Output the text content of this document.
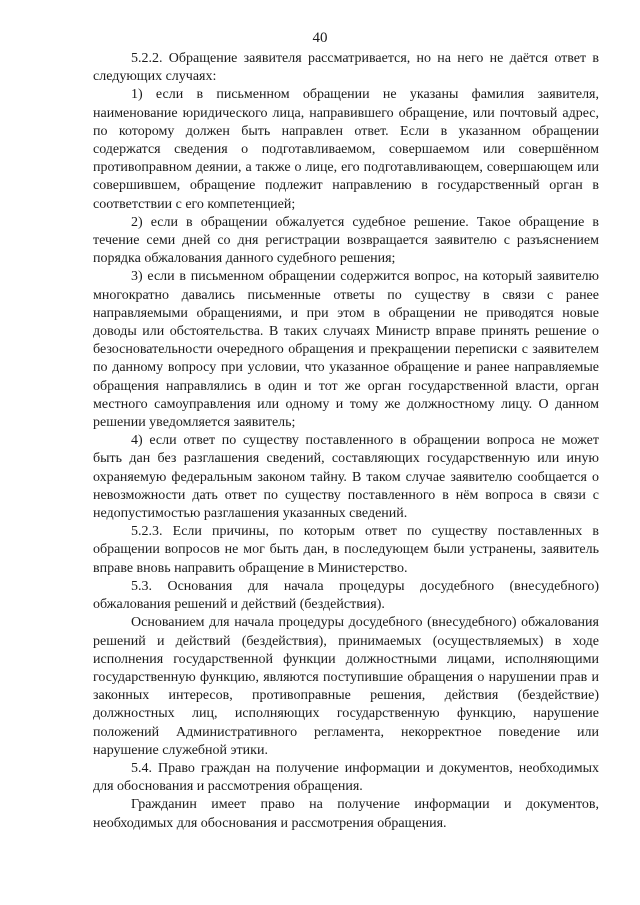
40

5.2.2. Обращение заявителя рассматривается, но на него не даётся ответ в следующих случаях:

1) если в письменном обращении не указаны фамилия заявителя, наименование юридического лица, направившего обращение, или почтовый адрес, по которому должен быть направлен ответ. Если в указанном обращении содержатся сведения о подготавливаемом, совершаемом или совершённом противоправном деянии, а также о лице, его подготавливающем, совершающем или совершившем, обращение подлежит направлению в государственный орган в соответствии с его компетенцией;

2) если в обращении обжалуется судебное решение. Такое обращение в течение семи дней со дня регистрации возвращается заявителю с разъяснением порядка обжалования данного судебного решения;

3) если в письменном обращении содержится вопрос, на который заявителю многократно давались письменные ответы по существу в связи с ранее направляемыми обращениями, и при этом в обращении не приводятся новые доводы или обстоятельства. В таких случаях Министр вправе принять решение о безосновательности очередного обращения и прекращении переписки с заявителем по данному вопросу при условии, что указанное обращение и ранее направляемые обращения направлялись в один и тот же орган государственной власти, орган местного самоуправления или одному и тому же должностному лицу. О данном решении уведомляется заявитель;

4) если ответ по существу поставленного в обращении вопроса не может быть дан без разглашения сведений, составляющих государственную или иную охраняемую федеральным законом тайну. В таком случае заявителю сообщается о невозможности дать ответ по существу поставленного в нём вопроса в связи с недопустимостью разглашения указанных сведений.

5.2.3. Если причины, по которым ответ по существу поставленных в обращении вопросов не мог быть дан, в последующем были устранены, заявитель вправе вновь направить обращение в Министерство.

5.3. Основания для начала процедуры досудебного (внесудебного) обжалования решений и действий (бездействия).

Основанием для начала процедуры досудебного (внесудебного) обжалования решений и действий (бездействия), принимаемых (осуществляемых) в ходе исполнения государственной функции должностными лицами, исполняющими государственную функцию, являются поступившие обращения о нарушении прав и законных интересов, противоправные решения, действия (бездействие) должностных лиц, исполняющих государственную функцию, нарушение положений Административного регламента, некорректное поведение или нарушение служебной этики.

5.4. Право граждан на получение информации и документов, необходимых для обоснования и рассмотрения обращения.

Гражданин имеет право на получение информации и документов, необходимых для обоснования и рассмотрения обращения.
